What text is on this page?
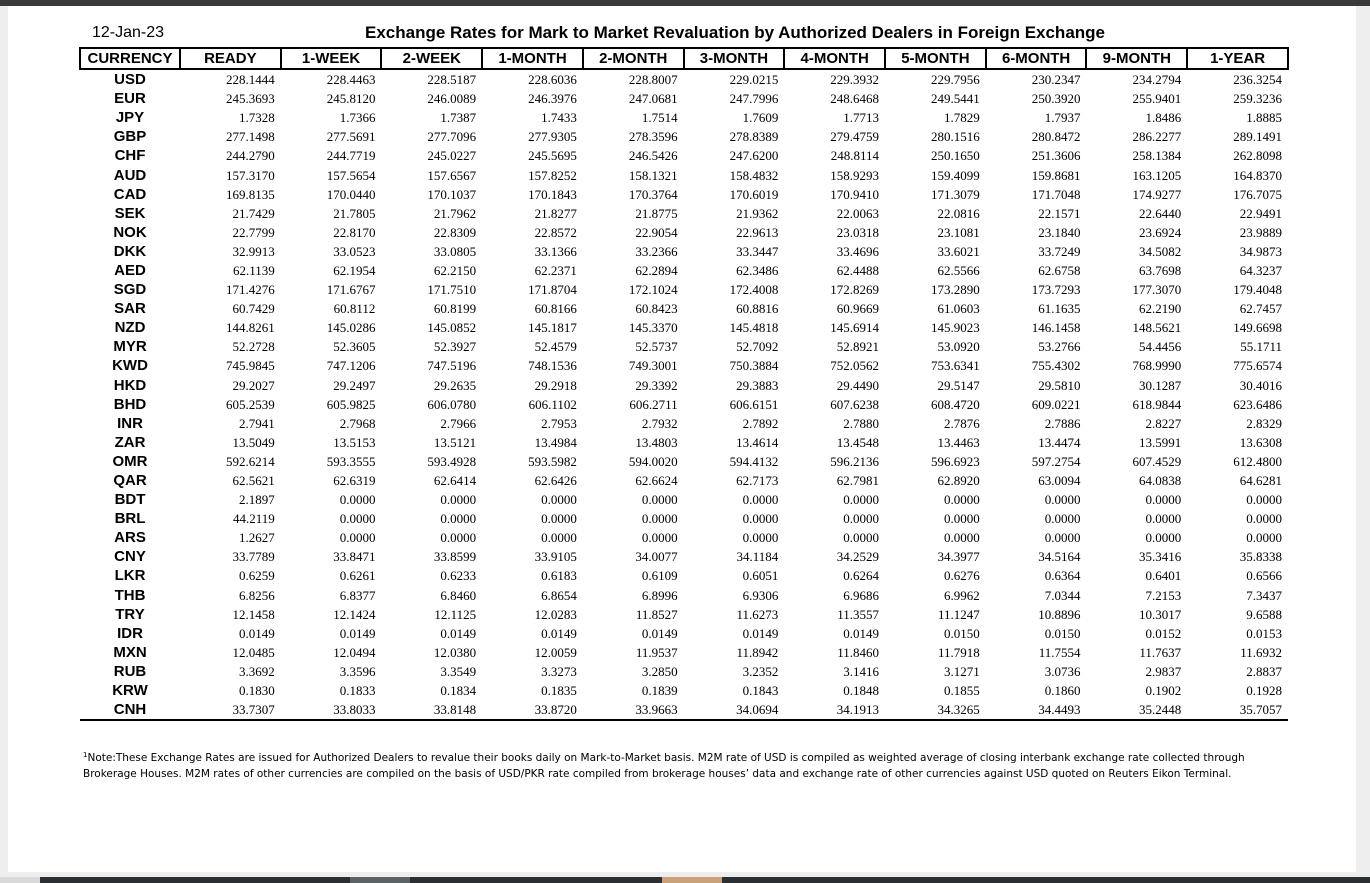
12-Jan-23	Exchange Rates for Mark to Market Revaluation by Authorized Dealers in Foreign Exchange
CURRENCY	READY	1-WEEK	2-WEEK	1-MONTH	2-MONTH	3-MONTH	4-MONTH	5-MONTH	6-MONTH	9-MONTH	1-YEAR
USD	228.1444	228.4463	228.5187	228.6036	228.8007	229.0215	229.3932	229.7956	230.2347	234.2794	236.3254
EUR	245.3693	245.8120	246.0089	246.3976	247.0681	247.7996	248.6468	249.5441	250.3920	255.9401	259.3236
JPY	1.7328	1.7366	1.7387	1.7433	1.7514	1.7609	1.7713	1.7829	1.7937	1.8486	1.8885
GBP	277.1498	277.5691	277.7096	277.9305	278.3596	278.8389	279.4759	280.1516	280.8472	286.2277	289.1491
CHF	244.2790	244.7719	245.0227	245.5695	246.5426	247.6200	248.8114	250.1650	251.3606	258.1384	262.8098
AUD	157.3170	157.5654	157.6567	157.8252	158.1321	158.4832	158.9293	159.4099	159.8681	163.1205	164.8370
CAD	169.8135	170.0440	170.1037	170.1843	170.3764	170.6019	170.9410	171.3079	171.7048	174.9277	176.7075
SEK	21.7429	21.7805	21.7962	21.8277	21.8775	21.9362	22.0063	22.0816	22.1571	22.6440	22.9491
NOK	22.7799	22.8170	22.8309	22.8572	22.9054	22.9613	23.0318	23.1081	23.1840	23.6924	23.9889
DKK	32.9913	33.0523	33.0805	33.1366	33.2366	33.3447	33.4696	33.6021	33.7249	34.5082	34.9873
AED	62.1139	62.1954	62.2150	62.2371	62.2894	62.3486	62.4488	62.5566	62.6758	63.7698	64.3237
SGD	171.4276	171.6767	171.7510	171.8704	172.1024	172.4008	172.8269	173.2890	173.7293	177.3070	179.4048
SAR	60.7429	60.8112	60.8199	60.8166	60.8423	60.8816	60.9669	61.0603	61.1635	62.2190	62.7457
NZD	144.8261	145.0286	145.0852	145.1817	145.3370	145.4818	145.6914	145.9023	146.1458	148.5621	149.6698
MYR	52.2728	52.3605	52.3927	52.4579	52.5737	52.7092	52.8921	53.0920	53.2766	54.4456	55.1711
KWD	745.9845	747.1206	747.5196	748.1536	749.3001	750.3884	752.0562	753.6341	755.4302	768.9990	775.6574
HKD	29.2027	29.2497	29.2635	29.2918	29.3392	29.3883	29.4490	29.5147	29.5810	30.1287	30.4016
BHD	605.2539	605.9825	606.0780	606.1102	606.2711	606.6151	607.6238	608.4720	609.0221	618.9844	623.6486
INR	2.7941	2.7968	2.7966	2.7953	2.7932	2.7892	2.7880	2.7876	2.7886	2.8227	2.8329
ZAR	13.5049	13.5153	13.5121	13.4984	13.4803	13.4614	13.4548	13.4463	13.4474	13.5991	13.6308
OMR	592.6214	593.3555	593.4928	593.5982	594.0020	594.4132	596.2136	596.6923	597.2754	607.4529	612.4800
QAR	62.5621	62.6319	62.6414	62.6426	62.6624	62.7173	62.7981	62.8920	63.0094	64.0838	64.6281
BDT	2.1897	0.0000	0.0000	0.0000	0.0000	0.0000	0.0000	0.0000	0.0000	0.0000	0.0000
BRL	44.2119	0.0000	0.0000	0.0000	0.0000	0.0000	0.0000	0.0000	0.0000	0.0000	0.0000
ARS	1.2627	0.0000	0.0000	0.0000	0.0000	0.0000	0.0000	0.0000	0.0000	0.0000	0.0000
CNY	33.7789	33.8471	33.8599	33.9105	34.0077	34.1184	34.2529	34.3977	34.5164	35.3416	35.8338
LKR	0.6259	0.6261	0.6233	0.6183	0.6109	0.6051	0.6264	0.6276	0.6364	0.6401	0.6566
THB	6.8256	6.8377	6.8460	6.8654	6.8996	6.9306	6.9686	6.9962	7.0344	7.2153	7.3437
TRY	12.1458	12.1424	12.1125	12.0283	11.8527	11.6273	11.3557	11.1247	10.8896	10.3017	9.6588
IDR	0.0149	0.0149	0.0149	0.0149	0.0149	0.0149	0.0149	0.0150	0.0150	0.0152	0.0153
MXN	12.0485	12.0494	12.0380	12.0059	11.9537	11.8942	11.8460	11.7918	11.7554	11.7637	11.6932
RUB	3.3692	3.3596	3.3549	3.3273	3.2850	3.2352	3.1416	3.1271	3.0736	2.9837	2.8837
KRW	0.1830	0.1833	0.1834	0.1835	0.1839	0.1843	0.1848	0.1855	0.1860	0.1902	0.1928
CNH	33.7307	33.8033	33.8148	33.8720	33.9663	34.0694	34.1913	34.3265	34.4493	35.2448	35.7057
$^1$Note:These Exchange Rates are issued for Authorized Dealers to revalue their books daily on Mark-to-Market basis. M2M rate of USD is compiled as weighted average of closing interbank exchange rate collected through Brokerage Houses. M2M rates of other currencies are compiled on the basis of USD/PKR rate compiled from brokerage houses’ data and exchange rate of other currencies against USD quoted on Reuters Eikon Terminal.
